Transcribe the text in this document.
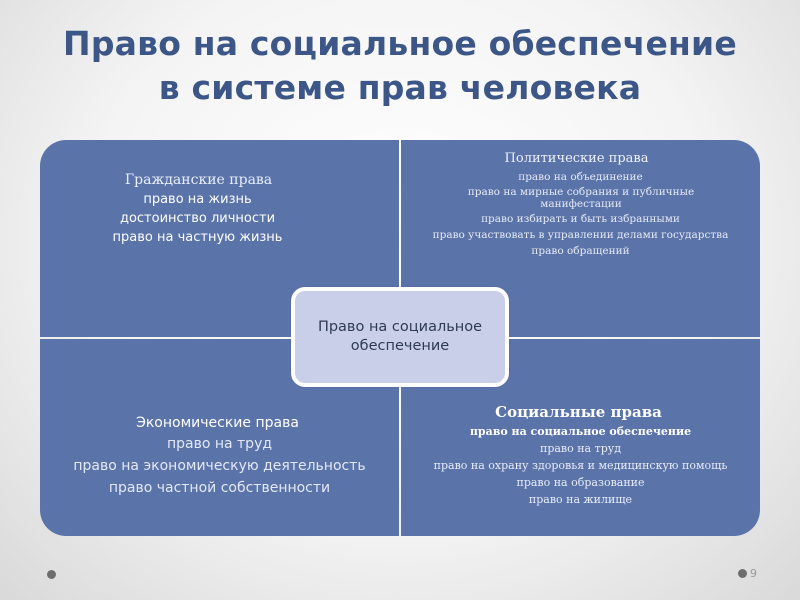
Право на социальное обеспечение
в системе прав человека
Гражданские права
право на жизнь
достоинство личности
право на частную жизнь
Политические права
право на объединение
право на мирные собрания и публичные манифестации
право избирать и быть избранными
право участвовать в управлении делами государства
право обращений
Экономические права
право на труд
право на экономическую деятельность
право частной собственности
Социальные права
право на социальное обеспечение
право на труд
право на охрану здоровья и медицинскую помощь
право на образование
право на жилище
Право на социальное обеспечение
9
